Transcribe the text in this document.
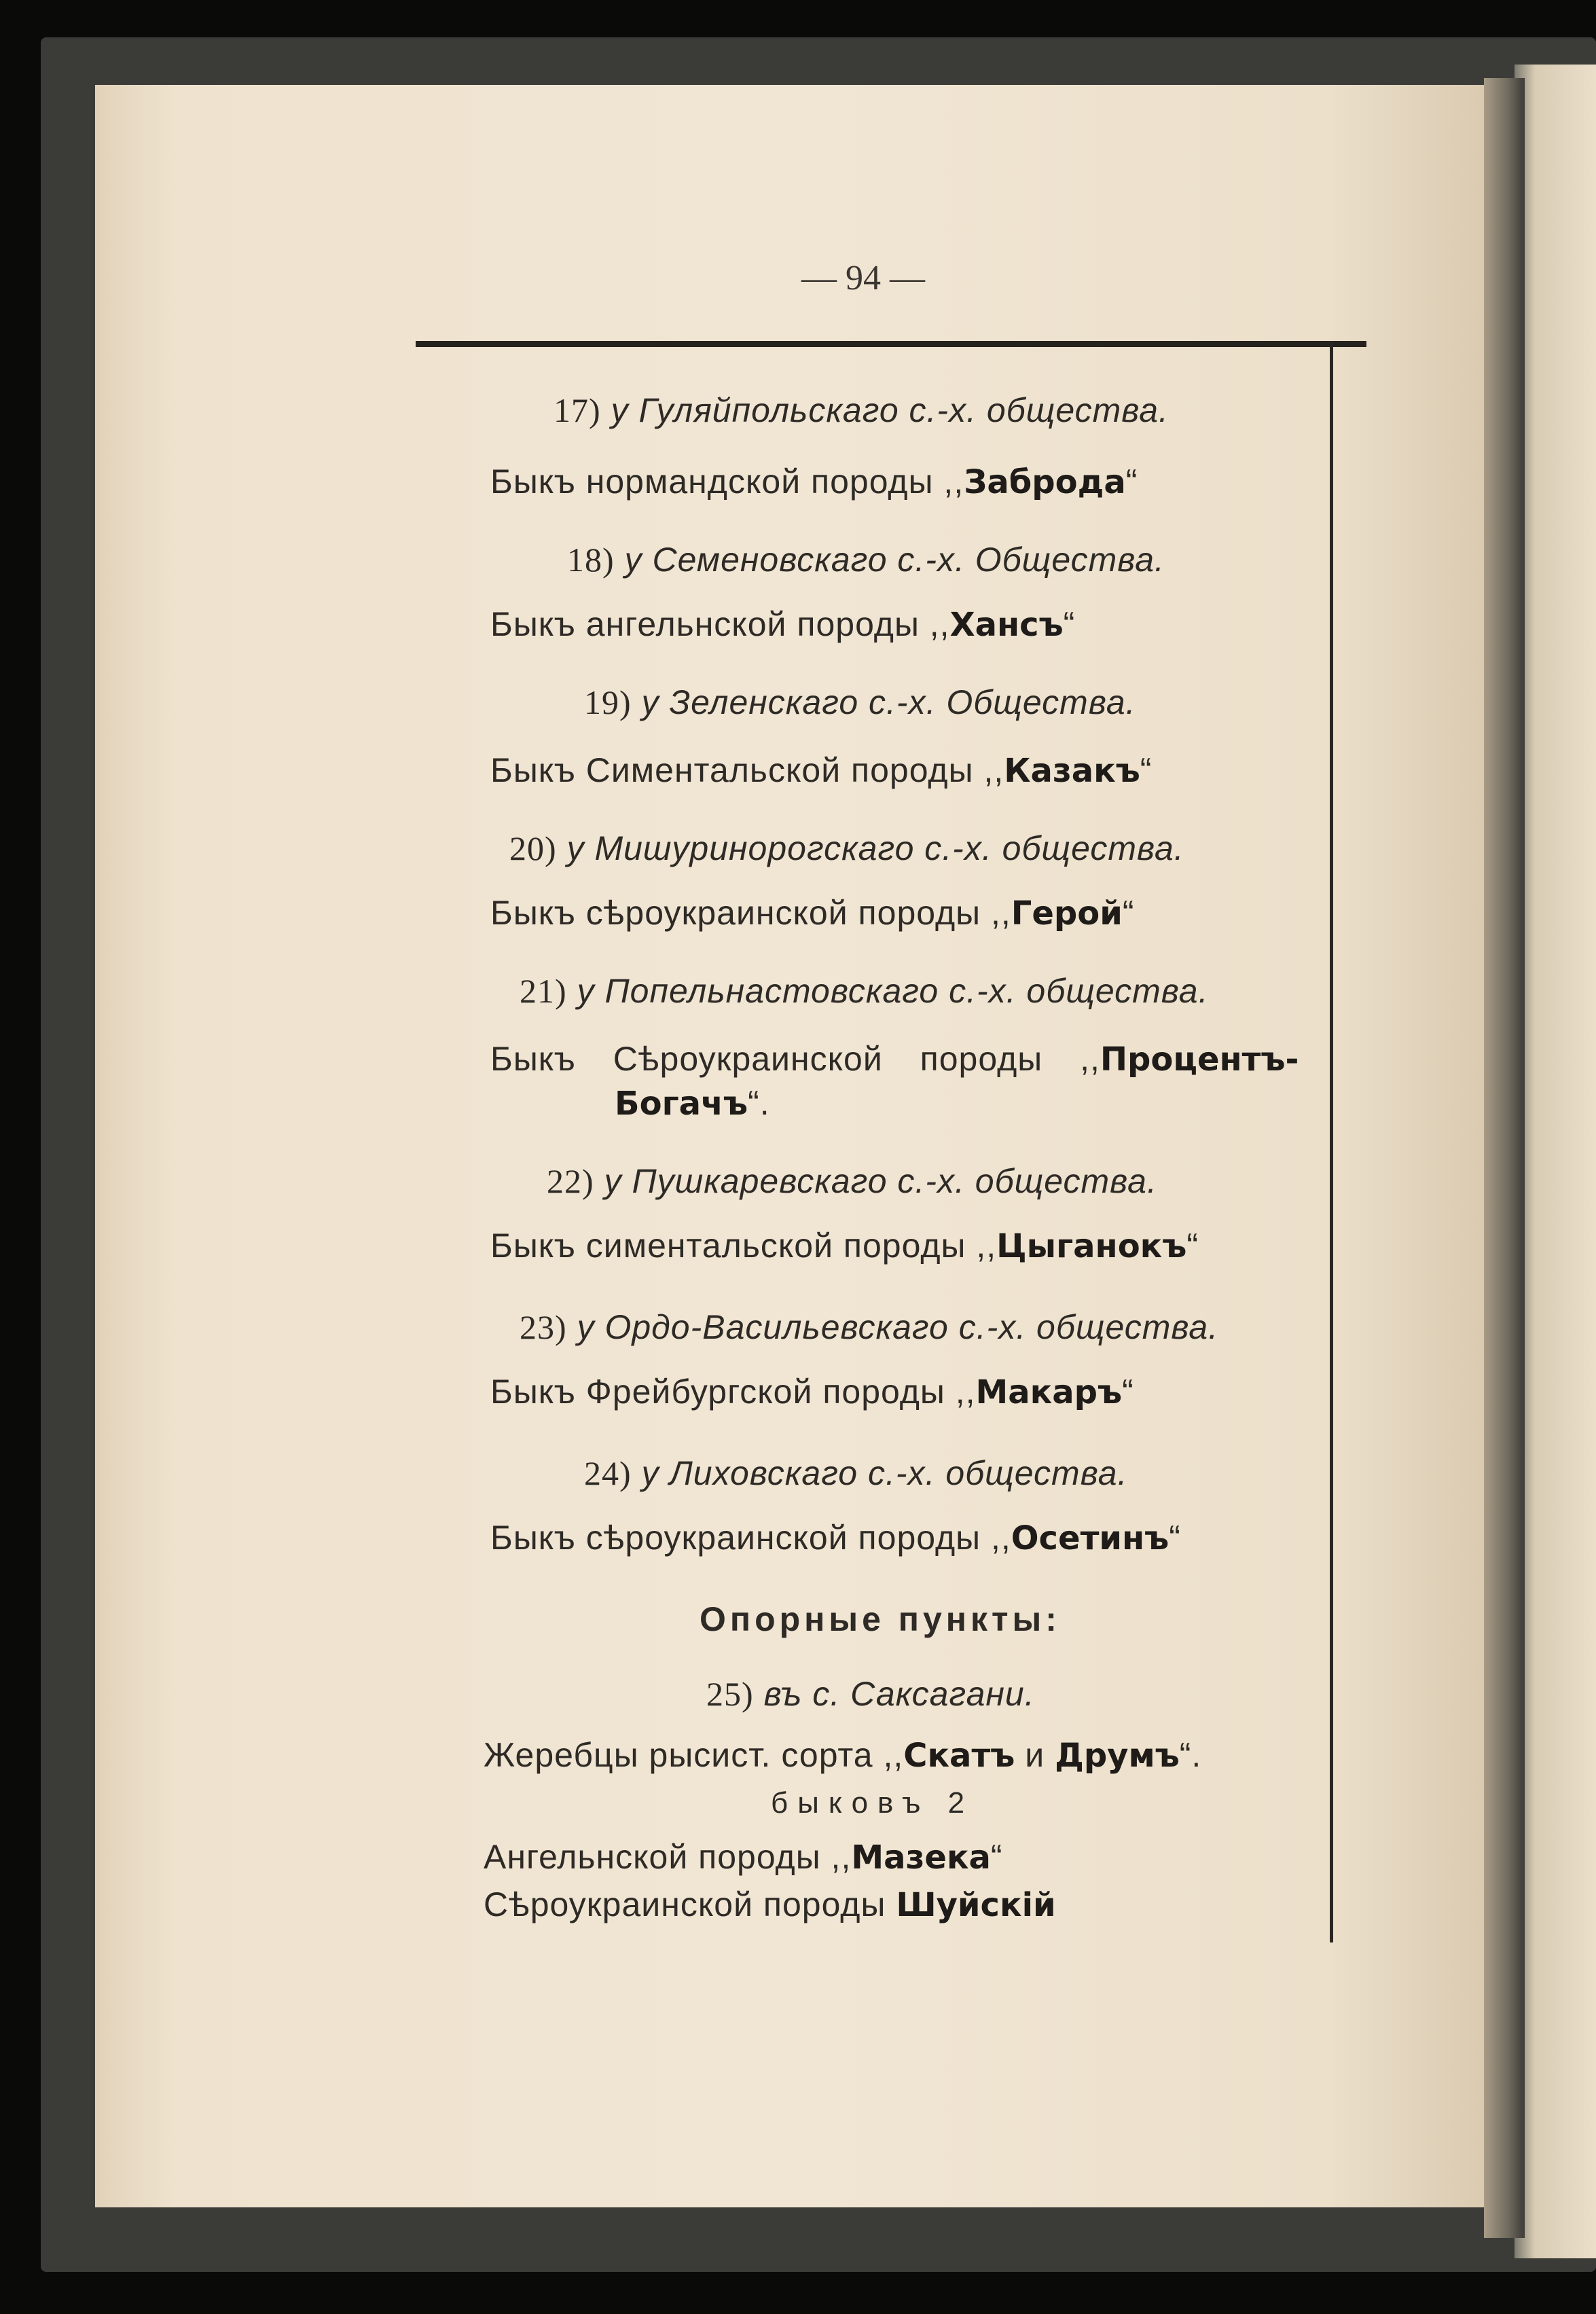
— 94 —
17) у Гуляйпольскаго с.-х. общества.
Быкъ нормандской породы ,,Заброда“
18) у Семеновскаго с.-х. Общества.
Быкъ ангельнской породы ,,Хансъ“
19) у Зеленскаго с.-х. Общества.
Быкъ Симентальской породы ,,Казакъ“
20) у Мишуринорогскаго с.-х. общества.
Быкъ сѣроукраинской породы ,,Герой“
21) у Попельнастовскаго с.-х. общества.
Быкъ Сѣроукраинской породы ,,Процентъ-
Богачъ“.
22) у Пушкаревскаго с.-х. общества.
Быкъ симентальской породы ,,Цыганокъ“
23) у Ордо-Васильевскаго с.-х. общества.
Быкъ Фрейбургской породы ,,Макаръ“
24) у Лиховскаго с.-х. общества.
Быкъ сѣроукраинской породы ,,Осетинъ“
Опорные пункты:
25) въ с. Саксагани.
Жеребцы рысист. сорта ,,Скатъ и Друмъ“.
быковъ 2
Ангельнской породы ,,Мазека“
Сѣроукраинской породы Шуйскій
